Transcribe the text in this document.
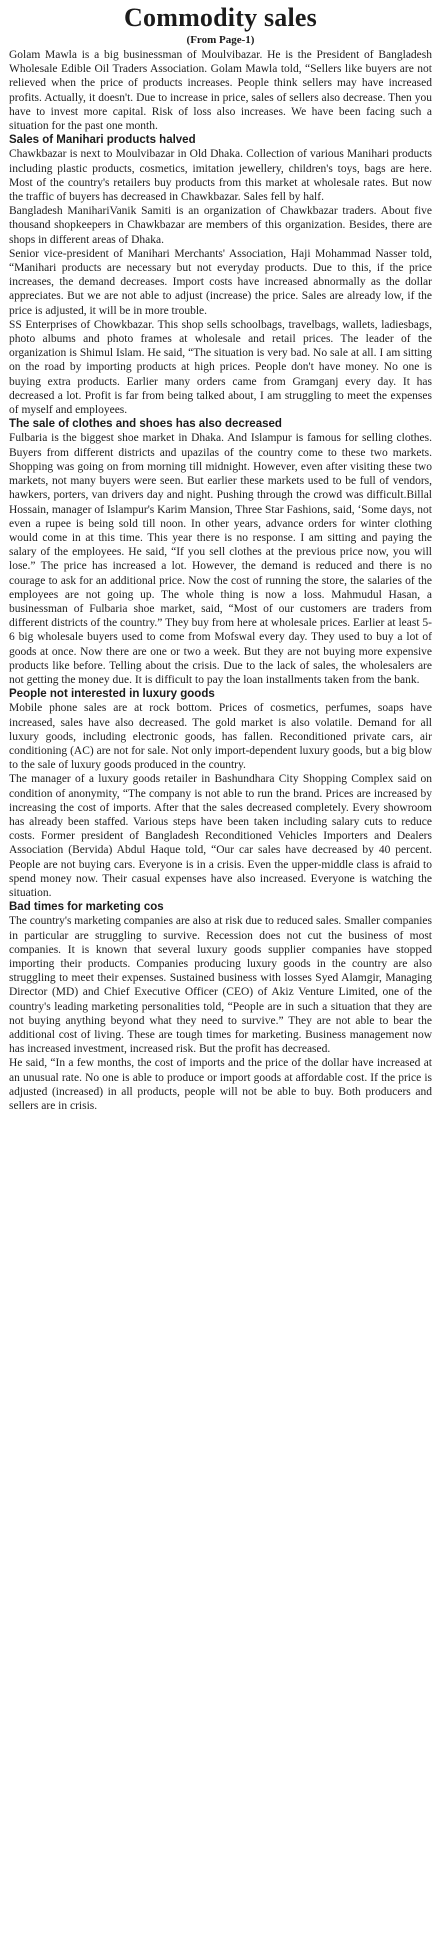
Commodity sales
(From Page-1)

Golam Mawla is a big businessman of Moulvibazar. He is the President of Bangladesh Wholesale Edible Oil Traders Association. Golam Mawla told, “Sellers like buyers are not relieved when the price of products increases. People think sellers may have increased profits. Actually, it doesn't. Due to increase in price, sales of sellers also decrease. Then you have to invest more capital. Risk of loss also increases. We have been facing such a situation for the past one month.

Sales of Manihari products halved

Chawkbazar is next to Moulvibazar in Old Dhaka. Collection of various Manihari products including plastic products, cosmetics, imitation jewellery, children's toys, bags are here. Most of the country's retailers buy products from this market at wholesale rates. But now the traffic of buyers has decreased in Chawkbazar. Sales fell by half.

Bangladesh ManihariVanik Samiti is an organization of Chawkbazar traders. About five thousand shopkeepers in Chawkbazar are members of this organization. Besides, there are shops in different areas of Dhaka.

Senior vice-president of Manihari Merchants' Association, Haji Mohammad Nasser told, “Manihari products are necessary but not everyday products. Due to this, if the price increases, the demand decreases. Import costs have increased abnormally as the dollar appreciates. But we are not able to adjust (increase) the price. Sales are already low, if the price is adjusted, it will be in more trouble.

SS Enterprises of Chowkbazar. This shop sells schoolbags, travelbags, wallets, ladiesbags, photo albums and photo frames at wholesale and retail prices. The leader of the organization is Shimul Islam. He said, “The situation is very bad. No sale at all. I am sitting on the road by importing products at high prices. People don't have money. No one is buying extra products. Earlier many orders came from Gramganj every day. It has decreased a lot. Profit is far from being talked about, I am struggling to meet the expenses of myself and employees.

The sale of clothes and shoes has also decreased

Fulbaria is the biggest shoe market in Dhaka. And Islampur is famous for selling clothes. Buyers from different districts and upazilas of the country come to these two markets. Shopping was going on from morning till midnight. However, even after visiting these two markets, not many buyers were seen. But earlier these markets used to be full of vendors, hawkers, porters, van drivers day and night. Pushing through the crowd was difficult.Billal Hossain, manager of Islampur's Karim Mansion, Three Star Fashions, said, ‘Some days, not even a rupee is being sold till noon. In other years, advance orders for winter clothing would come in at this time. This year there is no response. I am sitting and paying the salary of the employees. He said, “If you sell clothes at the previous price now, you will lose.” The price has increased a lot. However, the demand is reduced and there is no courage to ask for an additional price. Now the cost of running the store, the salaries of the employees are not going up. The whole thing is now a loss. Mahmudul Hasan, a businessman of Fulbaria shoe market, said, “Most of our customers are traders from different districts of the country.” They buy from here at wholesale prices. Earlier at least 5-6 big wholesale buyers used to come from Mofswal every day. They used to buy a lot of goods at once. Now there are one or two a week. But they are not buying more expensive products like before. Telling about the crisis. Due to the lack of sales, the wholesalers are not getting the money due. It is difficult to pay the loan installments taken from the bank.

People not interested in luxury goods

Mobile phone sales are at rock bottom. Prices of cosmetics, perfumes, soaps have increased, sales have also decreased. The gold market is also volatile. Demand for all luxury goods, including electronic goods, has fallen. Reconditioned private cars, air conditioning (AC) are not for sale. Not only import-dependent luxury goods, but a big blow to the sale of luxury goods produced in the country.

The manager of a luxury goods retailer in Bashundhara City Shopping Complex said on condition of anonymity, “The company is not able to run the brand. Prices are increased by increasing the cost of imports. After that the sales decreased completely. Every showroom has already been staffed. Various steps have been taken including salary cuts to reduce costs. Former president of Bangladesh Reconditioned Vehicles Importers and Dealers Association (Bervida) Abdul Haque told, “Our car sales have decreased by 40 percent. People are not buying cars. Everyone is in a crisis. Even the upper-middle class is afraid to spend money now. Their casual expenses have also increased. Everyone is watching the situation.

Bad times for marketing cos

The country's marketing companies are also at risk due to reduced sales. Smaller companies in particular are struggling to survive. Recession does not cut the business of most companies. It is known that several luxury goods supplier companies have stopped importing their products. Companies producing luxury goods in the country are also struggling to meet their expenses. Sustained business with losses Syed Alamgir, Managing Director (MD) and Chief Executive Officer (CEO) of Akiz Venture Limited, one of the country's leading marketing personalities told, “People are in such a situation that they are not buying anything beyond what they need to survive.” They are not able to bear the additional cost of living. These are tough times for marketing. Business management now has increased investment, increased risk. But the profit has decreased.

He said, “In a few months, the cost of imports and the price of the dollar have increased at an unusual rate. No one is able to produce or import goods at affordable cost. If the price is adjusted (increased) in all products, people will not be able to buy. Both producers and sellers are in crisis.
